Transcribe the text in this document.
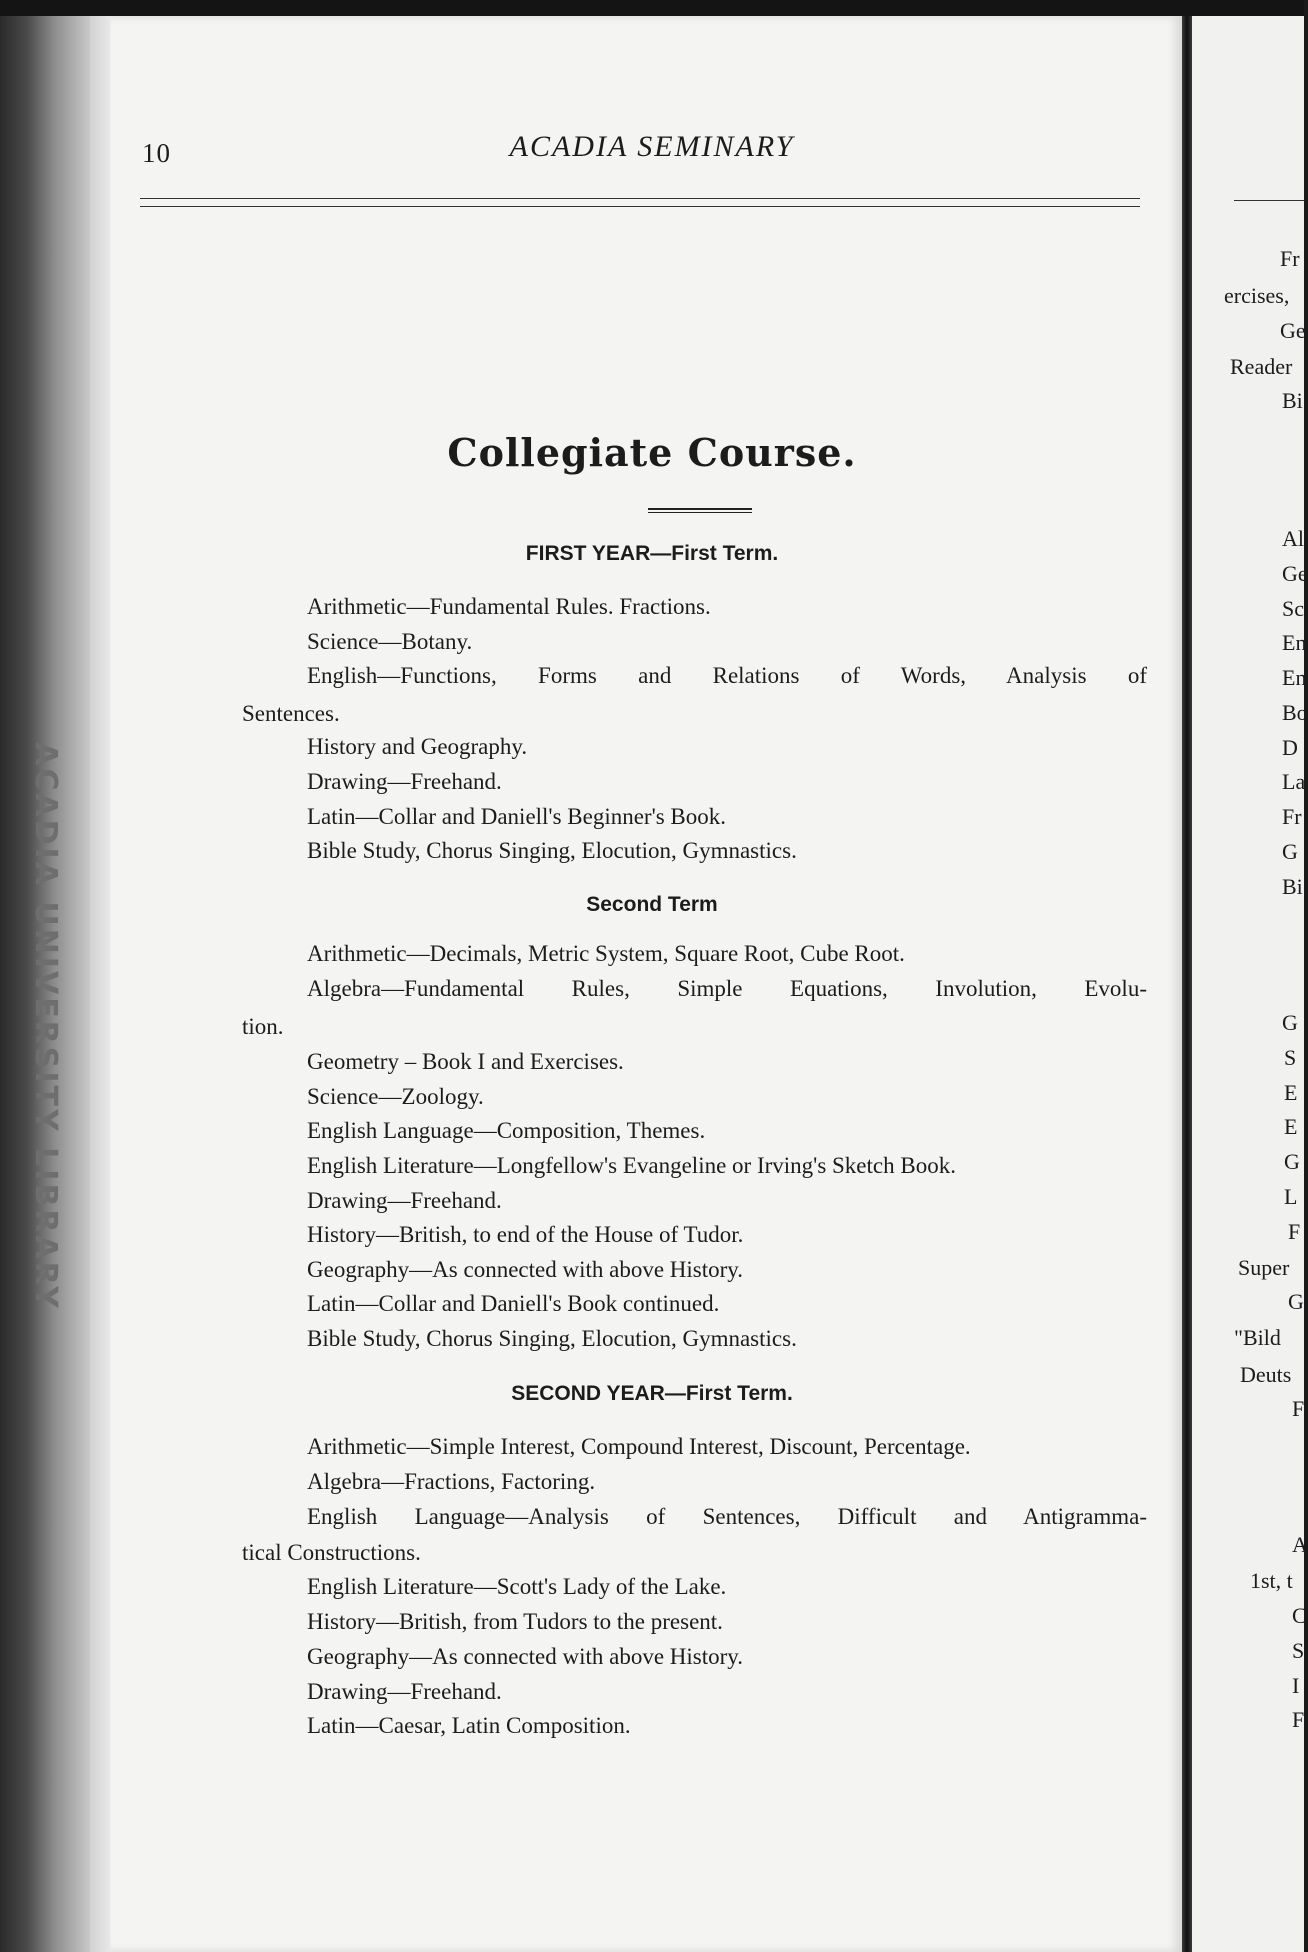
ACADIA UNIVERSITY LIBRARY
10	ACADIA SEMINARY
Collegiate Course.
FIRST YEAR—First Term.
Arithmetic—Fundamental Rules. Fractions.
Science—Botany.
English—Functions, Forms and Relations of Words, Analysis of
Sentences.
History and Geography.
Drawing—Freehand.
Latin—Collar and Daniell's Beginner's Book.
Bible Study, Chorus Singing, Elocution, Gymnastics.
Second Term
Arithmetic—Decimals, Metric System, Square Root, Cube Root.
Algebra—Fundamental Rules, Simple Equations, Involution, Evolu-
tion.
Geometry – Book I and Exercises.
Science—Zoology.
English Language—Composition, Themes.
English Literature—Longfellow's Evangeline or Irving's Sketch Book.
Drawing—Freehand.
History—British, to end of the House of Tudor.
Geography—As connected with above History.
Latin—Collar and Daniell's Book continued.
Bible Study, Chorus Singing, Elocution, Gymnastics.
SECOND YEAR—First Term.
Arithmetic—Simple Interest, Compound Interest, Discount, Percentage.
Algebra—Fractions, Factoring.
English Language—Analysis of Sentences, Difficult and Antigramma-
tical Constructions.
English Literature—Scott's Lady of the Lake.
History—British, from Tudors to the present.
Geography—As connected with above History.
Drawing—Freehand.
Latin—Caesar, Latin Composition.
Fr
ercises,
Ge
Reader
Bi
Al
Ge
Sc
En
En
Bo
D
La
Fr
G
Bi
G
S
E
E
G
L
F
Super
G
"Bild
Deuts
F
A
1st, t
C
S
I
F
